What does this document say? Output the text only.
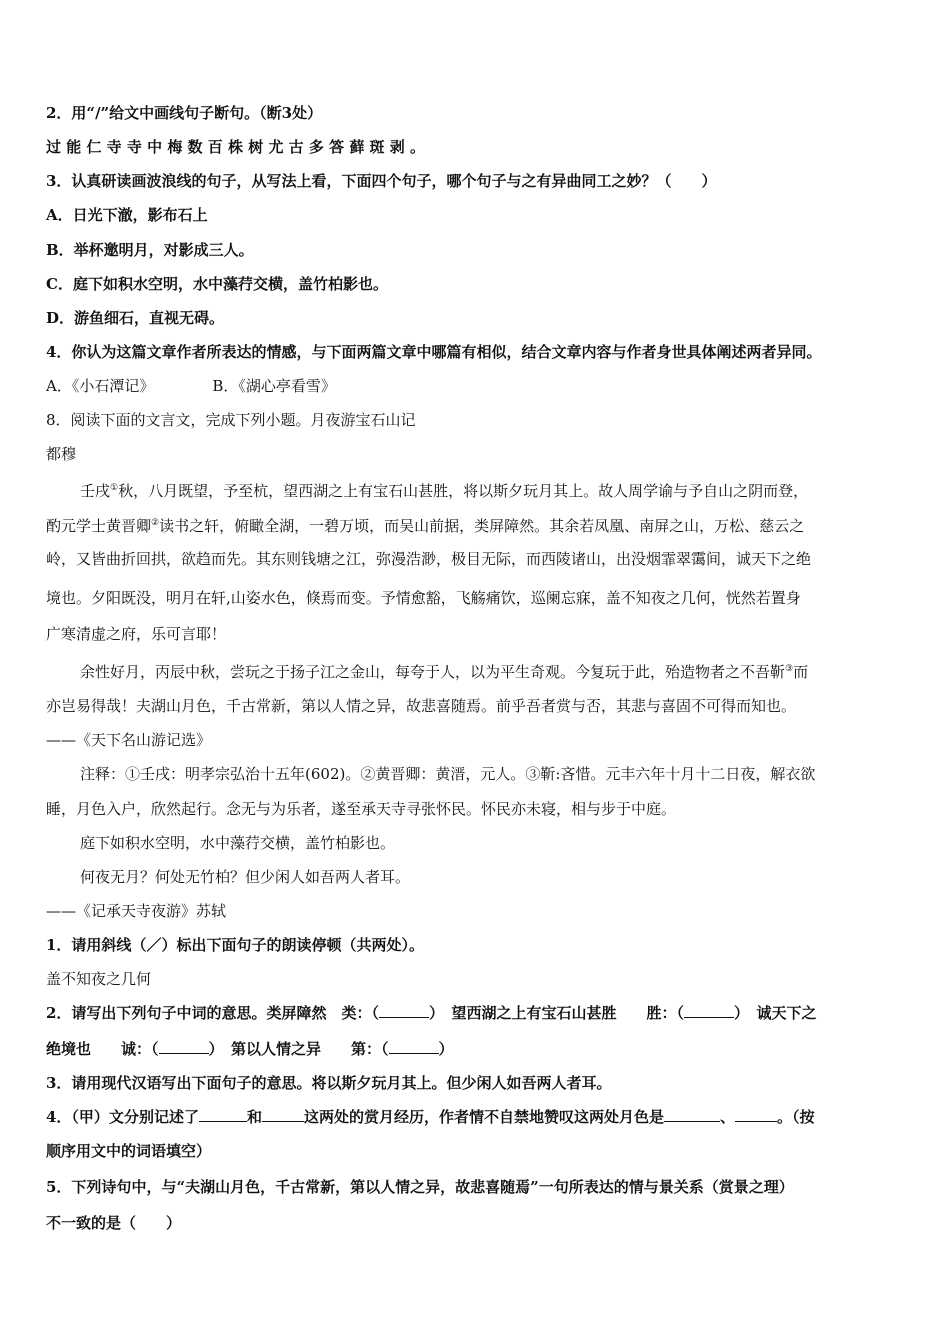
2．用“/”给文中画线句子断句。（断3处）
过 能 仁 寺 寺 中 梅 数 百 株 树 尤 古 多 答 藓 斑 剥 。
3．认真研读画波浪线的句子，从写法上看，下面四个句子，哪个句子与之有异曲同工之妙？（　　）
A．日光下澈，影布石上
B．举杯邀明月，对影成三人。
C．庭下如积水空明，水中藻荇交横，盖竹柏影也。
D．游鱼细石，直视无碍。
4．你认为这篇文章作者所表达的情感，与下面两篇文章中哪篇有相似，结合文章内容与作者身世具体阐述两者异同。
A．《小石潭记》	B．《湖心亭看雪》
8．阅读下面的文言文，完成下列小题。月夜游宝石山记
都穆
壬戌①秋，八月既望，予至杭，望西湖之上有宝石山甚胜，将以斯夕玩月其上。故人周学谕与予自山之阴而登，
酌元学士黄晋卿②读书之轩，俯瞰全湖，一碧万顷，而吴山前据，类屏障然。其余若凤凰、南屏之山，万松、慈云之
岭，又皆曲折回拱，欲趋而先。其东则钱塘之江，弥漫浩渺，极目无际，而西陵诸山，出没烟霏翠霭间，诚天下之绝
境也。夕阳既没，明月在轩,山姿水色，倏焉而变。予情愈豁，飞觞痛饮，巡阑忘寐，盖不知夜之几何，恍然若置身
广寒清虚之府，乐可言耶！
余性好月，丙辰中秋，尝玩之于扬子江之金山，每夸于人，以为平生奇观。今复玩于此，殆造物者之不吾靳③而
亦岂易得哉！夫湖山月色，千古常新，第以人情之异，故悲喜随焉。前乎吾者赏与否，其悲与喜固不可得而知也。
——《天下名山游记选》
注释：①壬戌：明孝宗弘治十五年(602)。②黄晋卿：黄溍，元人。③靳:吝惜。元丰六年十月十二日夜，解衣欲
睡，月色入户，欣然起行。念无与为乐者，遂至承天寺寻张怀民。怀民亦未寝，相与步于中庭。
庭下如积水空明，水中藻荇交横，盖竹柏影也。
何夜无月？何处无竹柏？但少闲人如吾两人者耳。
——《记承天寺夜游》苏轼
1．请用斜线（／）标出下面句子的朗读停顿（共两处）。
盖不知夜之几何
2．请写出下列句子中词的意思。类屏障然　类：（	）　望西湖之上有宝石山甚胜　　胜：（	）　诚天下之
绝境也　　诚：（	）　第以人情之异　　第：（	）
3．请用现代汉语写出下面句子的意思。将以斯夕玩月其上。但少闲人如吾两人者耳。
4．（甲）文分别记述了	和	这两处的赏月经历，作者情不自禁地赞叹这两处月色是	、	。（按
顺序用文中的词语填空）
5．下列诗句中，与“夫湖山月色，千古常新，第以人情之异，故悲喜随焉”一句所表达的情与景关系（赏景之理）
不一致的是（　　）
